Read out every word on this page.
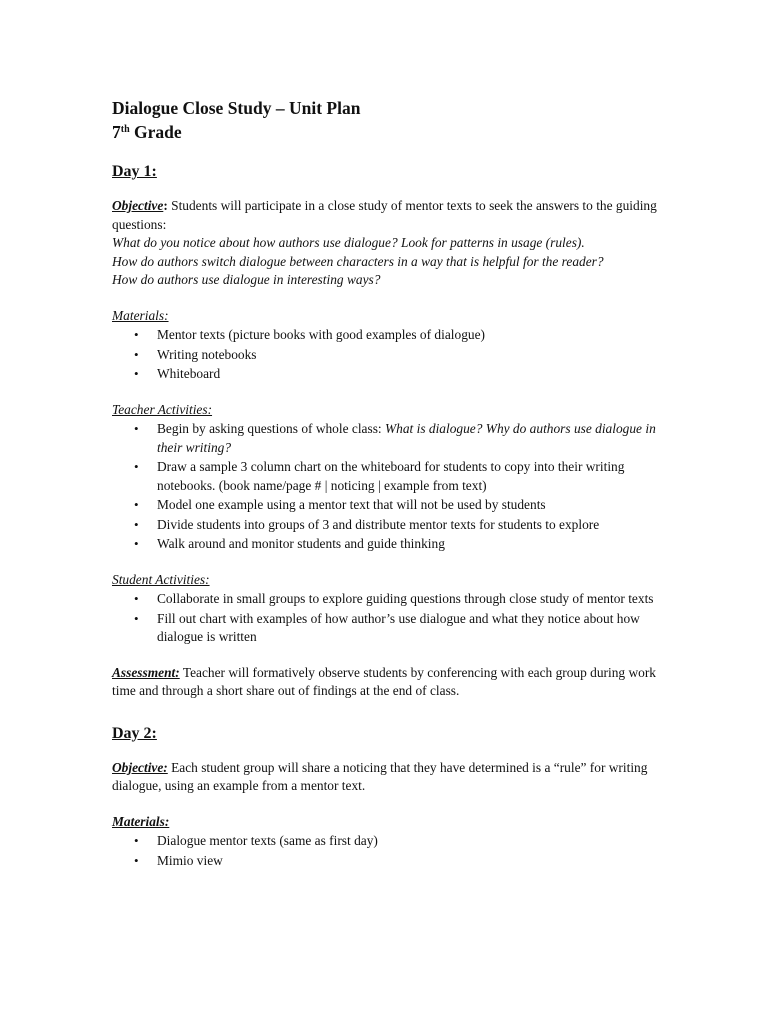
Dialogue Close Study – Unit Plan
7th Grade

Day 1:

Objective: Students will participate in a close study of mentor texts to seek the answers to the guiding questions:

What do you notice about how authors use dialogue? Look for patterns in usage (rules).

How do authors switch dialogue between characters in a way that is helpful for the reader?

How do authors use dialogue in interesting ways?

Materials:
• Mentor texts (picture books with good examples of dialogue)
• Writing notebooks
• Whiteboard
Teacher Activities:
• Begin by asking questions of whole class: What is dialogue? Why do authors use dialogue in their writing?
• Draw a sample 3 column chart on the whiteboard for students to copy into their writing notebooks. (book name/page # | noticing | example from text)
• Model one example using a mentor text that will not be used by students
• Divide students into groups of 3 and distribute mentor texts for students to explore
• Walk around and monitor students and guide thinking
Student Activities:
• Collaborate in small groups to explore guiding questions through close study of mentor texts
• Fill out chart with examples of how author’s use dialogue and what they notice about how dialogue is written

Assessment: Teacher will formatively observe students by conferencing with each group during work time and through a short share out of findings at the end of class.

Day 2:

Objective: Each student group will share a noticing that they have determined is a “rule” for writing dialogue, using an example from a mentor text.

Materials:
• Dialogue mentor texts (same as first day)
• Mimio view
